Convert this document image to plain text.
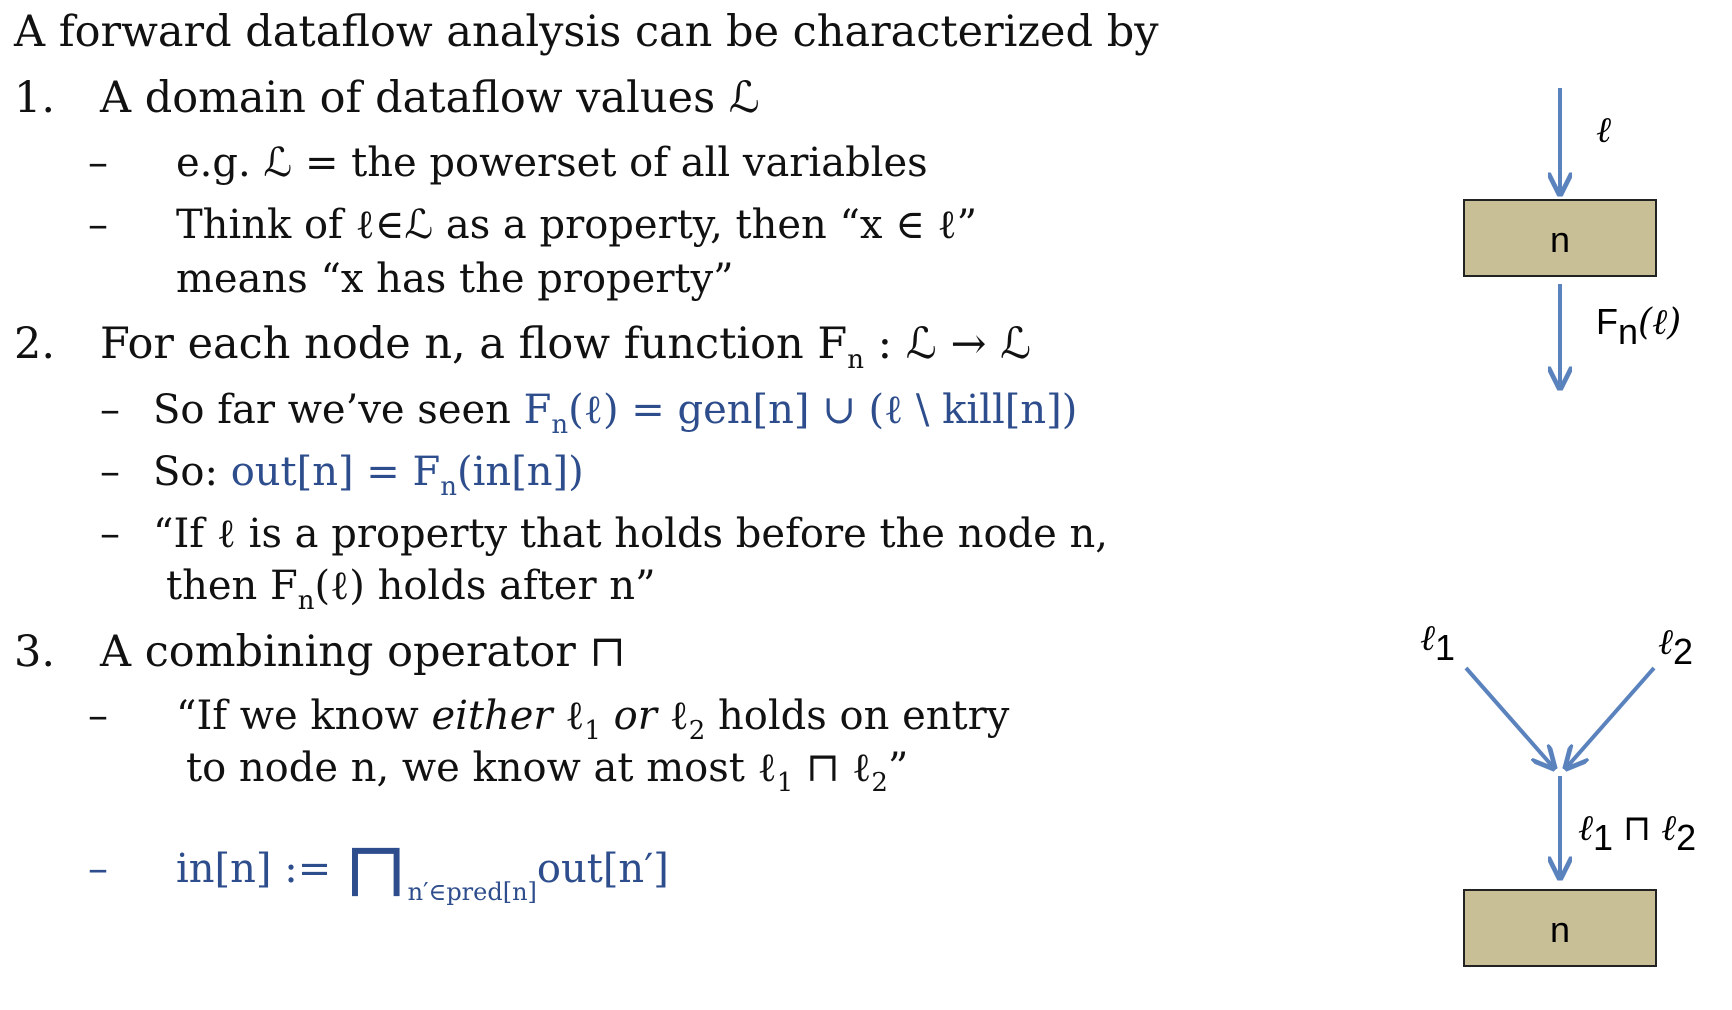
A forward dataflow analysis can be characterized by
1. A domain of dataflow values ℒ
– e.g. ℒ = the powerset of all variables
– Think of ℓ∈ℒ as a property, then “x ∈ ℓ”
means “x has the property”
2. For each node n, a flow function $F_n$ : ℒ → ℒ
– So far we’ve seen $F_n(\ell) = gen[n]$ ∪ (ℓ \ kill[n])
– So: $out[n] = F_n(in[n])$
– “If ℓ is a property that holds before the node n,
then $F_n(\ell)$ holds after n”
3. A combining operator ⊓
– “If we know either ℓ$_1$ or ℓ$_2$ holds on entry
to node n, we know at most ℓ$_1$ ⊓ ℓ$_2$”
– in[n] := $⊓_{n'\in pred[n]}out[n']$
ℓ
n
Fn(ℓ)
ℓ1	ℓ2
ℓ1 ⊓ ℓ2
n
